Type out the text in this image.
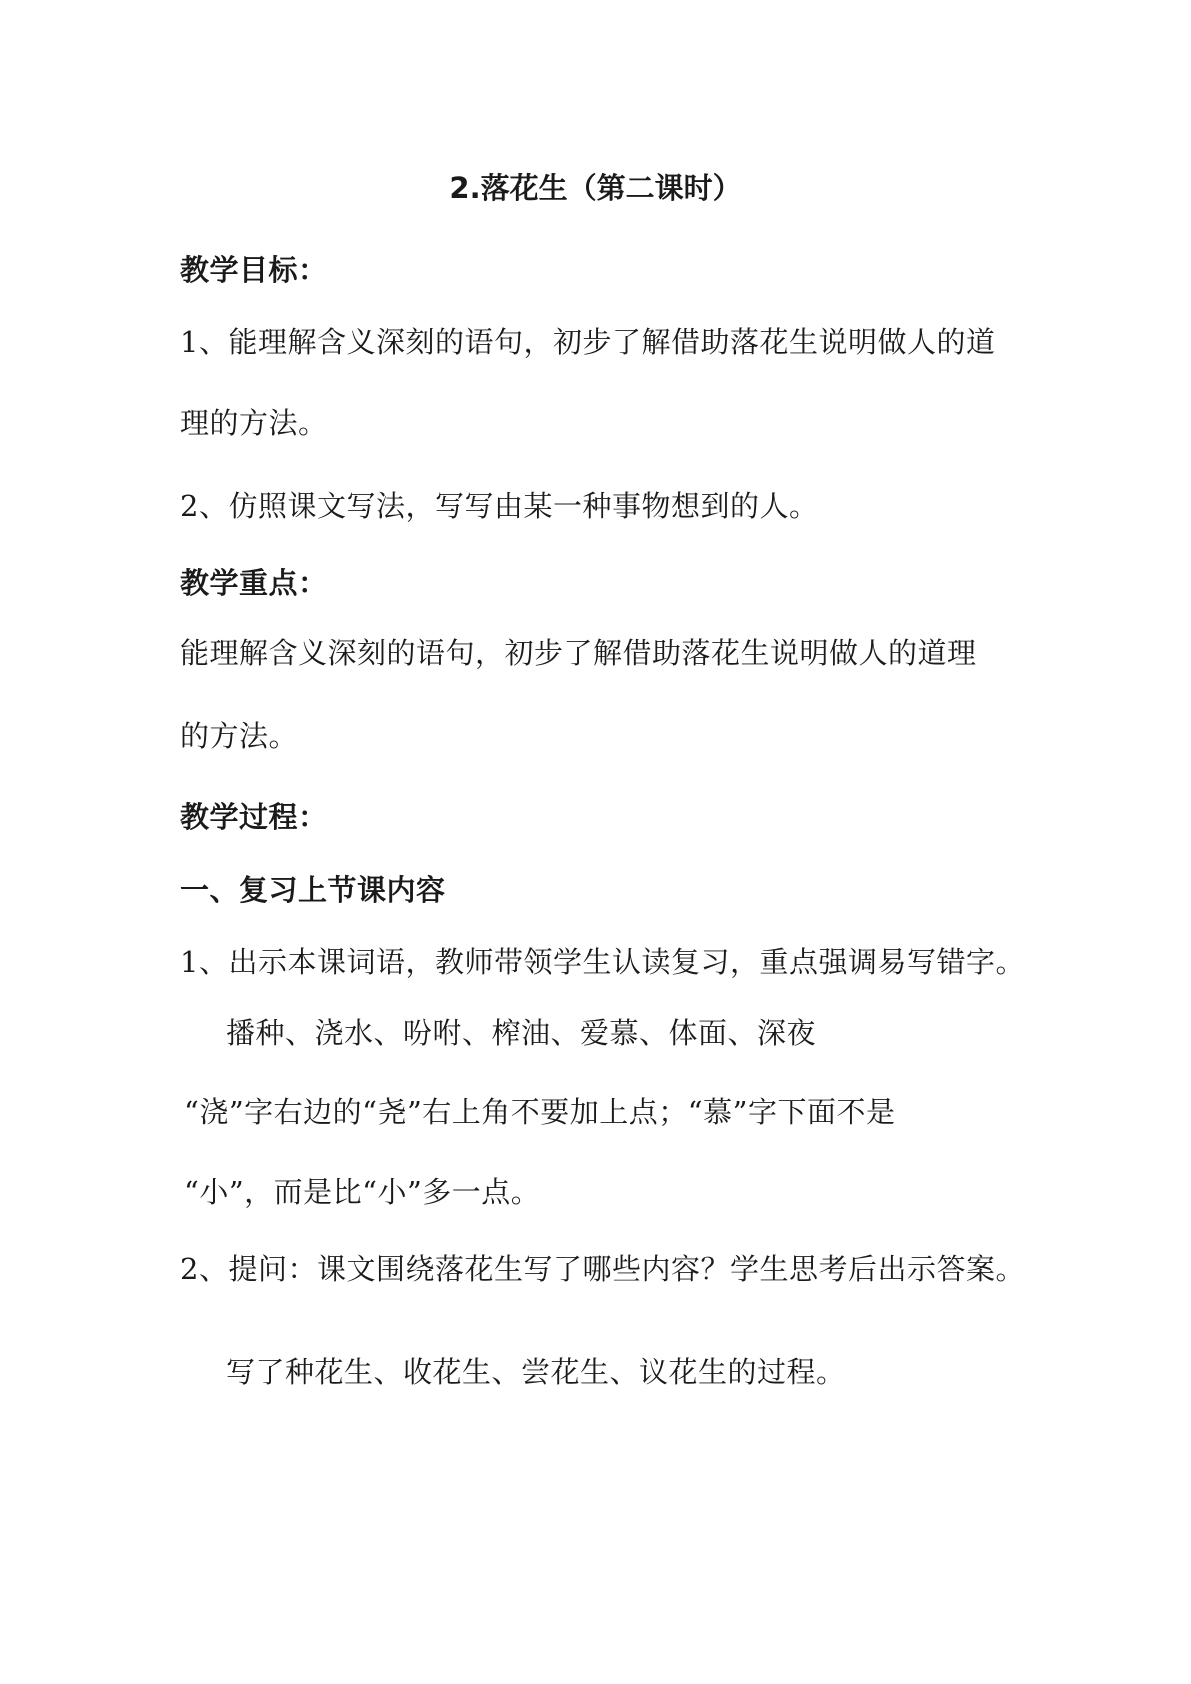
2.落花生（第二课时）
教学目标：
1、能理解含义深刻的语句，初步了解借助落花生说明做人的道
理的方法。
2、仿照课文写法，写写由某一种事物想到的人。
教学重点：
能理解含义深刻的语句，初步了解借助落花生说明做人的道理
的方法。
教学过程：
一、复习上节课内容
1、出示本课词语，教师带领学生认读复习，重点强调易写错字。
播种、浇水、吩咐、榨油、爱慕、体面、深夜
“浇”字右边的“尧”右上角不要加上点；“慕”字下面不是
“小”，而是比“小”多一点。
2、提问：课文围绕落花生写了哪些内容？学生思考后出示答案。
写了种花生、收花生、尝花生、议花生的过程。
